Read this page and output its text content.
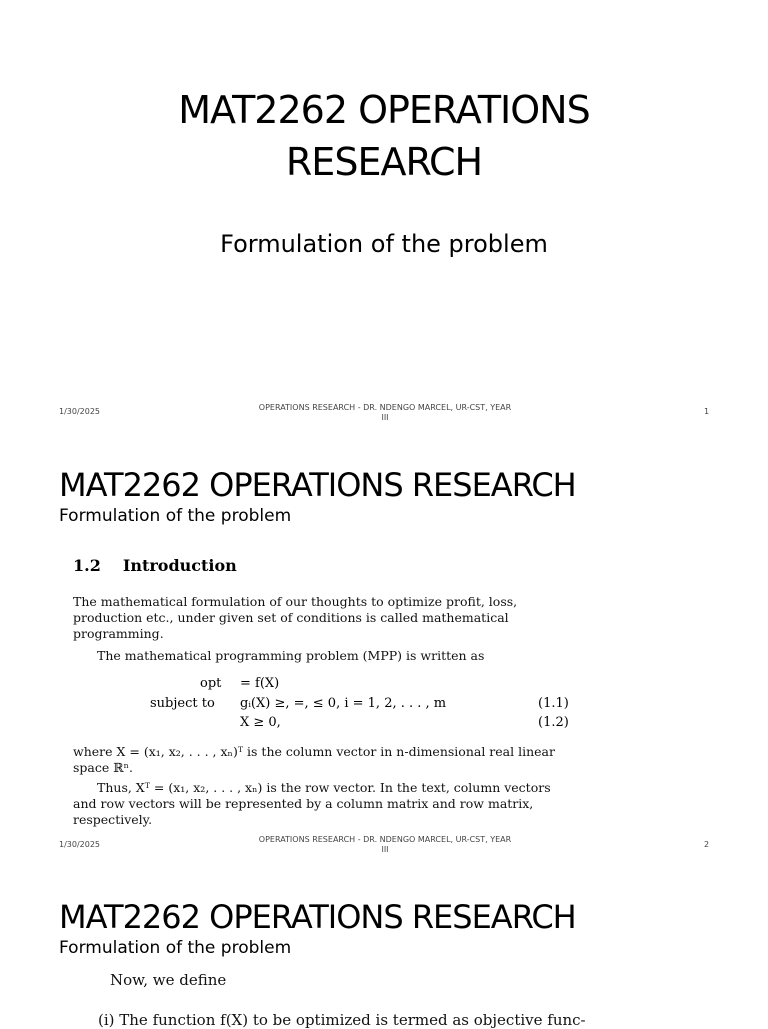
MAT2262 OPERATIONS
RESEARCH
Formulation of the problem
1/30/2025	OPERATIONS RESEARCH - DR. NDENGO MARCEL, UR-CST, YEAR
III
1
MAT2262 OPERATIONS RESEARCH
Formulation of the problem
1.2 Introduction
The mathematical formulation of our thoughts to optimize profit, loss, production etc., under given set of conditions is called mathematical programming.
The mathematical programming problem (MPP) is written as
opt = f(X)
subject to gᵢ(X) ≥, =, ≤ 0, i = 1, 2, . . . , m	(1.1)
X ≥ 0,	(1.2)
where X = (x₁, x₂, . . . , xₙ)ᵀ is the column vector in n-dimensional real linear space ℝⁿ.
Thus, Xᵀ = (x₁, x₂, . . . , xₙ) is the row vector. In the text, column vectors and row vectors will be represented by a column matrix and row matrix, respectively.
1/30/2025
OPERATIONS RESEARCH - DR. NDENGO MARCEL, UR-CST, YEAR
III
2
MAT2262 OPERATIONS RESEARCH
Formulation of the problem
Now, we define
(i) The function f(X) to be optimized is termed as objective func-
